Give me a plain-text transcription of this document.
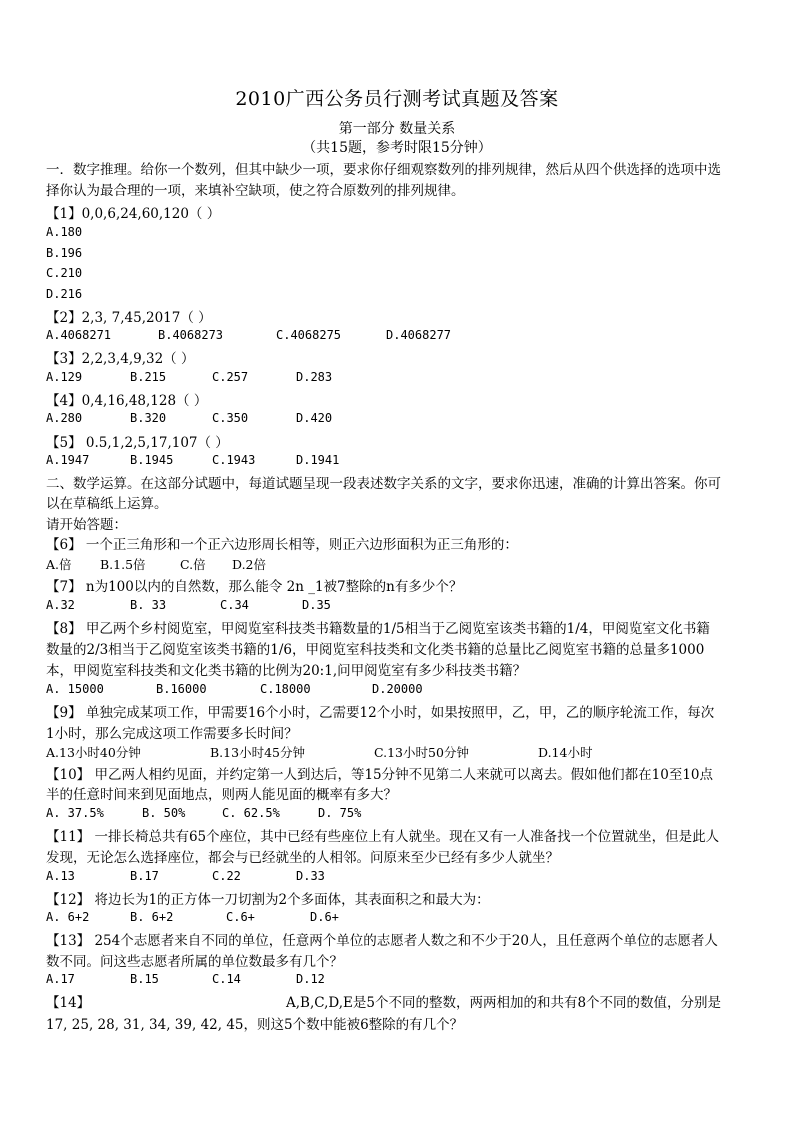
2010广西公务员行测考试真题及答案
第一部分 数量关系
（共15题，参考时限15分钟）
一．数字推理。给你一个数列，但其中缺少一项，要求你仔细观察数列的排列规律，然后从四个供选择的选项中选
择你认为最合理的一项，来填补空缺项，使之符合原数列的排列规律。
【1】0,0,6,24,60,120（ ）
A.180
B.196
C.210
D.216
【2】2,3, 7,45,2017（ ）
A.4068271	B.4068273	C.4068275	D.4068277
【3】2,2,3,4,9,32（ ）
A.129	B.215	C.257	D.283
【4】0,4,16,48,128（ ）
A.280	B.320	C.350	D.420
【5】 0.5,1,2,5,17,107（ ）
A.1947	B.1945	C.1943	D.1941
二、数学运算。在这部分试题中，每道试题呈现一段表述数字关系的文字，要求你迅速，准确的计算出答案。你可
以在草稿纸上运算。
请开始答题：
【6】 一个正三角形和一个正六边形周长相等，则正六边形面积为正三角形的：
A.倍 B.1.5倍	C.倍 D.2倍
【7】 n为100以内的自然数，那么能令 2n _1被7整除的n有多少个？
A.32	B. 33	C.34	D.35
【8】 甲乙两个乡村阅览室，甲阅览室科技类书籍数量的1/5相当于乙阅览室该类书籍的1/4，甲阅览室文化书籍
数量的2/3相当于乙阅览室该类书籍的1/6，甲阅览室科技类和文化类书籍的总量比乙阅览室书籍的总量多1000
本，甲阅览室科技类和文化类书籍的比例为20:1,问甲阅览室有多少科技类书籍？
A. 15000	B.16000	C.18000	D.20000
【9】 单独完成某项工作，甲需要16个小时，乙需要12个小时，如果按照甲，乙，甲，乙的顺序轮流工作，每次
1小时，那么完成这项工作需要多长时间？
A.13小时40分钟	B.13小时45分钟	C.13小时50分钟	D.14小时
【10】 甲乙两人相约见面，并约定第一人到达后，等15分钟不见第二人来就可以离去。假如他们都在10至10点
半的任意时间来到见面地点，则两人能见面的概率有多大？
A. 37.5%	B. 50%	C. 62.5%	D. 75%
【11】 一排长椅总共有65个座位，其中已经有些座位上有人就坐。现在又有一人准备找一个位置就坐，但是此人
发现，无论怎么选择座位，都会与已经就坐的人相邻。问原来至少已经有多少人就坐？
A.13	B.17	C.22	D.33
【12】 将边长为1的正方体一刀切割为2个多面体，其表面积之和最大为：
A. 6+2	B. 6+2	C.6+	D.6+
【13】 254个志愿者来自不同的单位，任意两个单位的志愿者人数之和不少于20人，且任意两个单位的志愿者人
数不同。问这些志愿者所属的单位数最多有几个？
A.17	B.15	C.14	D.12
【14】	A,B,C,D,E是5个不同的整数，两两相加的和共有8个不同的数值，分别是
17, 25, 28, 31, 34, 39, 42, 45，则这5个数中能被6整除的有几个？
